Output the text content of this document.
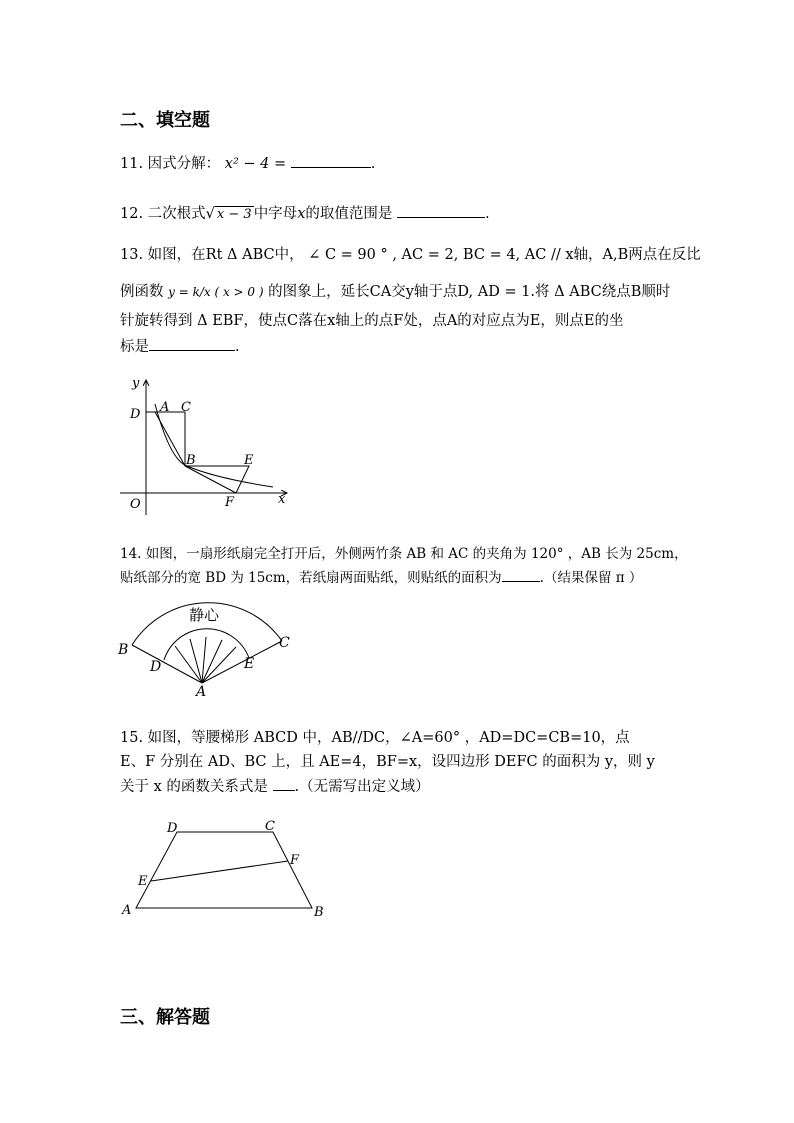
二、填空题
11. 因式分解： x² − 4 =	.
12. 二次根式√ x − 3 中字母x的取值范围是	.
13. 如图，在Rt Δ ABC中， ∠ C = 90 ° , AC = 2, BC = 4, AC // x轴，A,B两点在反比
例函数 y = k/x ( x > 0 ) 的图象上，延长CA交y轴于点D, AD = 1.将 Δ ABC绕点B顺时
针旋转得到 Δ EBF，使点C落在x轴上的点F处，点A的对应点为E，则点E的坐
标是	.
y
x
O
D A C
B	E
F
14. 如图，一扇形纸扇完全打开后，外侧两竹条 AB 和 AC 的夹角为 120° ，AB 长为 25cm，
贴纸部分的宽 BD 为 15cm，若纸扇两面贴纸，则贴纸的面积为	.（结果保留 π ）
静心
B	C
D	E
A
15. 如图，等腰梯形 ABCD 中，AB//DC，∠A=60° ，AD=DC=CB=10，点
E、F 分别在 AD、BC 上，且 AE=4，BF=x，设四边形 DEFC 的面积为 y，则 y
关于 x 的函数关系式是 .（无需写出定义域）
D	C
E
F
A	B
三、解答题
